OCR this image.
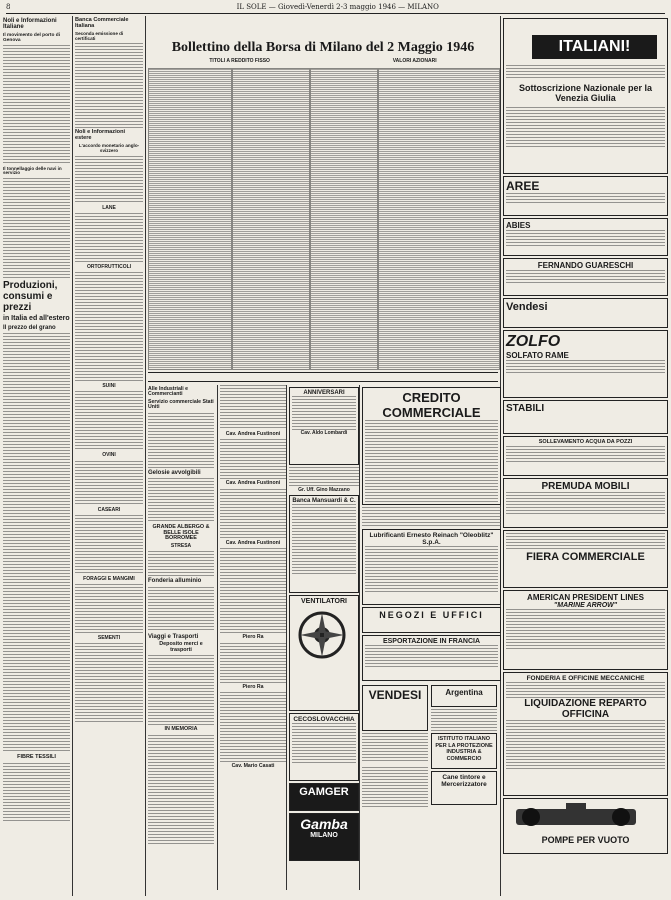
8	IL SOLE — Giovedì-Venerdì 2-3 maggio 1946 — MILANO
Noli e Informazioni Italiane
Il movimento del porto di Genova
Il tonnellaggio delle navi in servizio
Produzioni, consumi e prezzi
in Italia ed all'estero
Il prezzo del grano
FIBRE TESSILI
Banca Commerciale Italiana
Seconda emissione di certificati
Noli e Informazioni estere
L'accordo monetario anglo-svizzero
LANE
ORTOFRUTTICOLI
SUINI
OVINI
CASEARI
FORAGGI E MANGIMI
SEMENTI
Bollettino della Borsa di Milano del 2 Maggio 1946
TITOLI A REDDITO FISSO	VALORI AZIONARI
Alle Industriali e Commercianti
Servizio commerciale Stati Uniti
Gelosie avvolgibili
GRANDE ALBERGO & BELLE ISOLE BORROMEE
STRESA
Fonderia alluminio
Viaggi e Trasporti
Deposito merci e trasporti
IN MEMORIA
Cav. Andrea Fustinoni
Cav. Andrea Fustinoni
Cav. Andrea Fustinoni
Piero Ra
Piero Ra
Cav. Mario Casati
ANNIVERSARI
Cav. Aldo Lombardi
Gr. Uff. Gino Mazzano
Banca Mansuardi & C.
VENTILATORI
CECOSLOVACCHIA
GAMGER
Gamba
MILANO
CREDITO COMMERCIALE
Lubrificanti Ernesto Reinach "Oleoblitz" S.p.A.
NEGOZI E UFFICI
ESPORTAZIONE IN FRANCIA
VENDESI	Argentina
ISTITUTO ITALIANO PER LA PROTEZIONE INDUSTRIA & COMMERCIO
Cane tintore e Mercerizzatore
ITALIANI!
Sottoscrizione Nazionale per la Venezia Giulia
AREE
ABIES
FERNANDO GUARESCHI
Vendesi
ZOLFO
SOLFATO RAME
STABILI
SOLLEVAMENTO ACQUA DA POZZI
PREMUDA MOBILI
FIERA COMMERCIALE
AMERICAN PRESIDENT LINES
"MARINE ARROW"
FONDERIA E OFFICINE MECCANICHE
LIQUIDAZIONE REPARTO OFFICINA
POMPE PER VUOTO
